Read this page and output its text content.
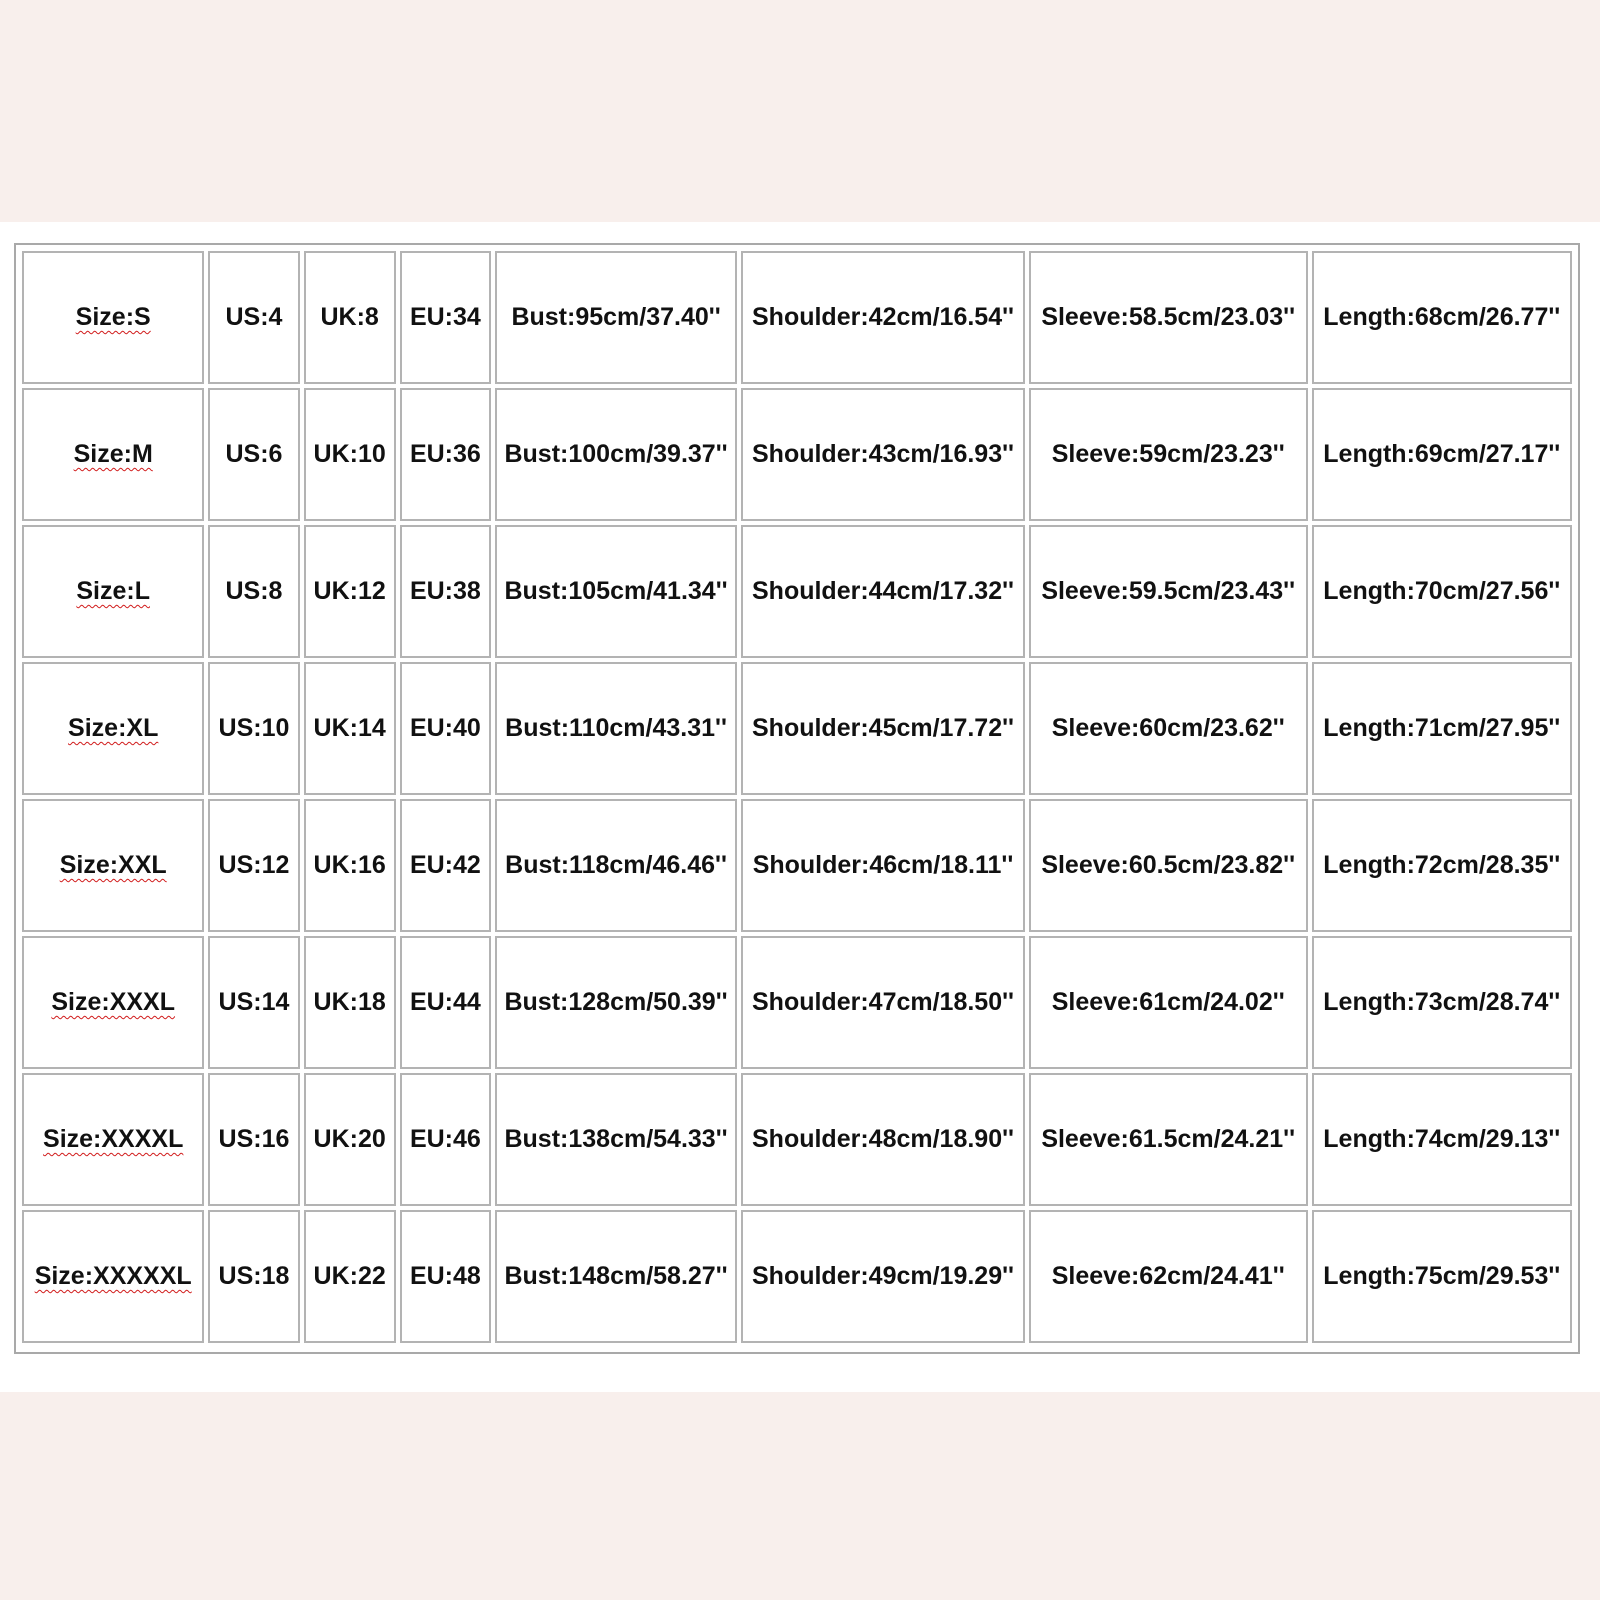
Size:S	US:4	UK:8	EU:34	Bust:95cm/37.40''	Shoulder:42cm/16.54''	Sleeve:58.5cm/23.03''	Length:68cm/26.77''
Size:M	US:6	UK:10	EU:36	Bust:100cm/39.37''	Shoulder:43cm/16.93''	Sleeve:59cm/23.23''	Length:69cm/27.17''
Size:L	US:8	UK:12	EU:38	Bust:105cm/41.34''	Shoulder:44cm/17.32''	Sleeve:59.5cm/23.43''	Length:70cm/27.56''
Size:XL	US:10	UK:14	EU:40	Bust:110cm/43.31''	Shoulder:45cm/17.72''	Sleeve:60cm/23.62''	Length:71cm/27.95''
Size:XXL	US:12	UK:16	EU:42	Bust:118cm/46.46''	Shoulder:46cm/18.11''	Sleeve:60.5cm/23.82''	Length:72cm/28.35''
Size:XXXL	US:14	UK:18	EU:44	Bust:128cm/50.39''	Shoulder:47cm/18.50''	Sleeve:61cm/24.02''	Length:73cm/28.74''
Size:XXXXL	US:16	UK:20	EU:46	Bust:138cm/54.33''	Shoulder:48cm/18.90''	Sleeve:61.5cm/24.21''	Length:74cm/29.13''
Size:XXXXXL	US:18	UK:22	EU:48	Bust:148cm/58.27''	Shoulder:49cm/19.29''	Sleeve:62cm/24.41''	Length:75cm/29.53''
